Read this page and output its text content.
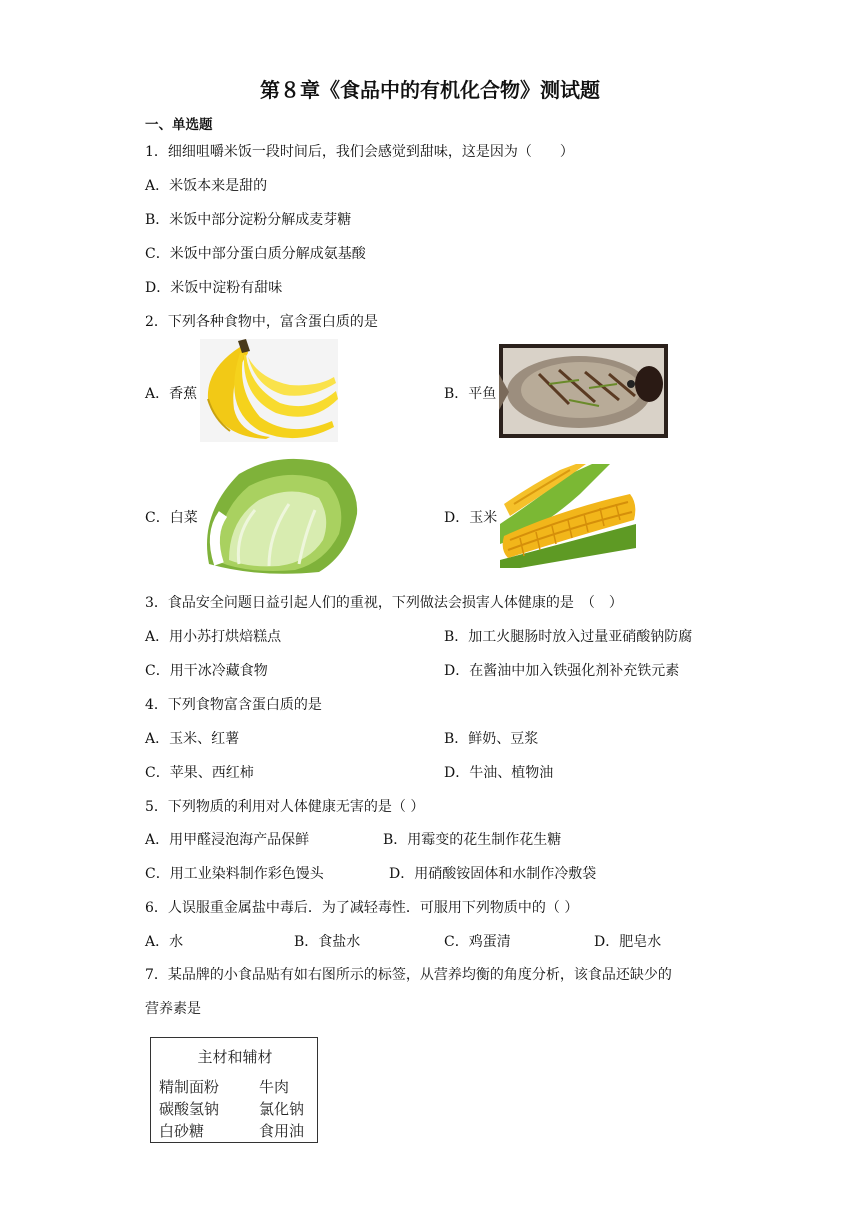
第８章《食品中的有机化合物》测试题
一、单选题
1．细细咀嚼米饭一段时间后，我们会感觉到甜味，这是因为（　　）
A．米饭本来是甜的
B．米饭中部分淀粉分解成麦芽糖
C．米饭中部分蛋白质分解成氨基酸
D．米饭中淀粉有甜味
2．下列各种食物中，富含蛋白质的是
A．香蕉	B．平鱼
C．白菜	D．玉米
3．食品安全问题日益引起人们的重视，下列做法会损害人体健康的是　（　）
A．用小苏打烘焙糕点	B．加工火腿肠时放入过量亚硝酸钠防腐
C．用干冰冷藏食物	D．在酱油中加入铁强化剂补充铁元素
4．下列食物富含蛋白质的是
A．玉米、红薯	B．鲜奶、豆浆
C．苹果、西红柿	D．牛油、植物油
5．下列物质的利用对人体健康无害的是（ ）
A．用甲醛浸泡海产品保鲜	B．用霉变的花生制作花生糖
C．用工业染料制作彩色馒头	D．用硝酸铵固体和水制作冷敷袋
6．人误服重金属盐中毒后．为了减轻毒性．可服用下列物质中的（ ）
A．水	B．食盐水	C．鸡蛋清	D．肥皂水
7．某品牌的小食品贴有如右图所示的标签，从营养均衡的角度分析，该食品还缺少的
营养素是
主材和辅材
精制面粉	牛肉
碳酸氢钠	氯化钠
白砂糖	食用油
